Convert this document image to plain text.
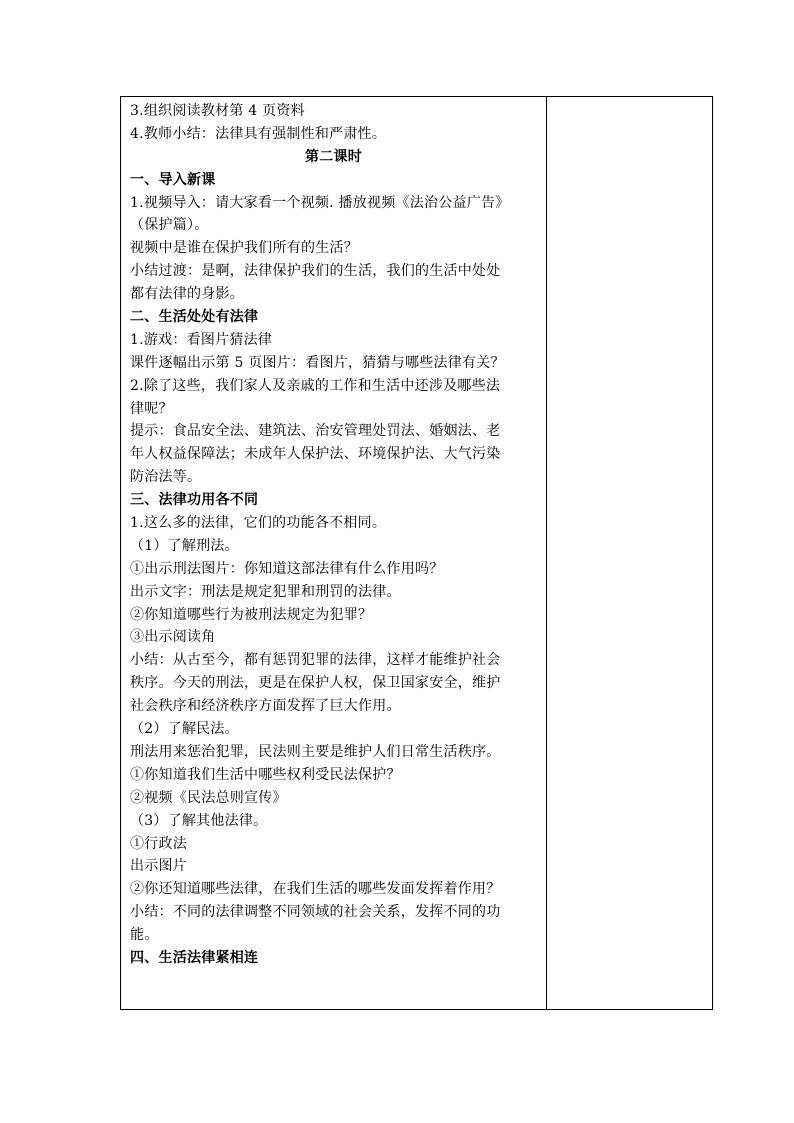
3.组织阅读教材第 4 页资料
4.教师小结：法律具有强制性和严肃性。
第二课时
一、导入新课
1.视频导入：请大家看一个视频. 播放视频《法治公益广告》
（保护篇）。
视频中是谁在保护我们所有的生活？
小结过渡：是啊，法律保护我们的生活，我们的生活中处处
都有法律的身影。
二、生活处处有法律
1.游戏：看图片猜法律
课件逐幅出示第 5 页图片：看图片，猜猜与哪些法律有关？
2.除了这些，我们家人及亲戚的工作和生活中还涉及哪些法
律呢？
提示：食品安全法、建筑法、治安管理处罚法、婚姻法、老
年人权益保障法；未成年人保护法、环境保护法、大气污染
防治法等。
三、法律功用各不同
1.这么多的法律，它们的功能各不相同。
（1）了解刑法。
①出示刑法图片：你知道这部法律有什么作用吗？
出示文字：刑法是规定犯罪和刑罚的法律。
②你知道哪些行为被刑法规定为犯罪？
③出示阅读角
小结：从古至今，都有惩罚犯罪的法律，这样才能维护社会
秩序。今天的刑法，更是在保护人权，保卫国家安全，维护
社会秩序和经济秩序方面发挥了巨大作用。
（2）了解民法。
刑法用来惩治犯罪，民法则主要是维护人们日常生活秩序。
①你知道我们生活中哪些权利受民法保护？
②视频《民法总则宣传》
（3）了解其他法律。
①行政法
出示图片
②你还知道哪些法律，在我们生活的哪些发面发挥着作用？
小结：不同的法律调整不同领域的社会关系，发挥不同的功
能。
四、生活法律紧相连
